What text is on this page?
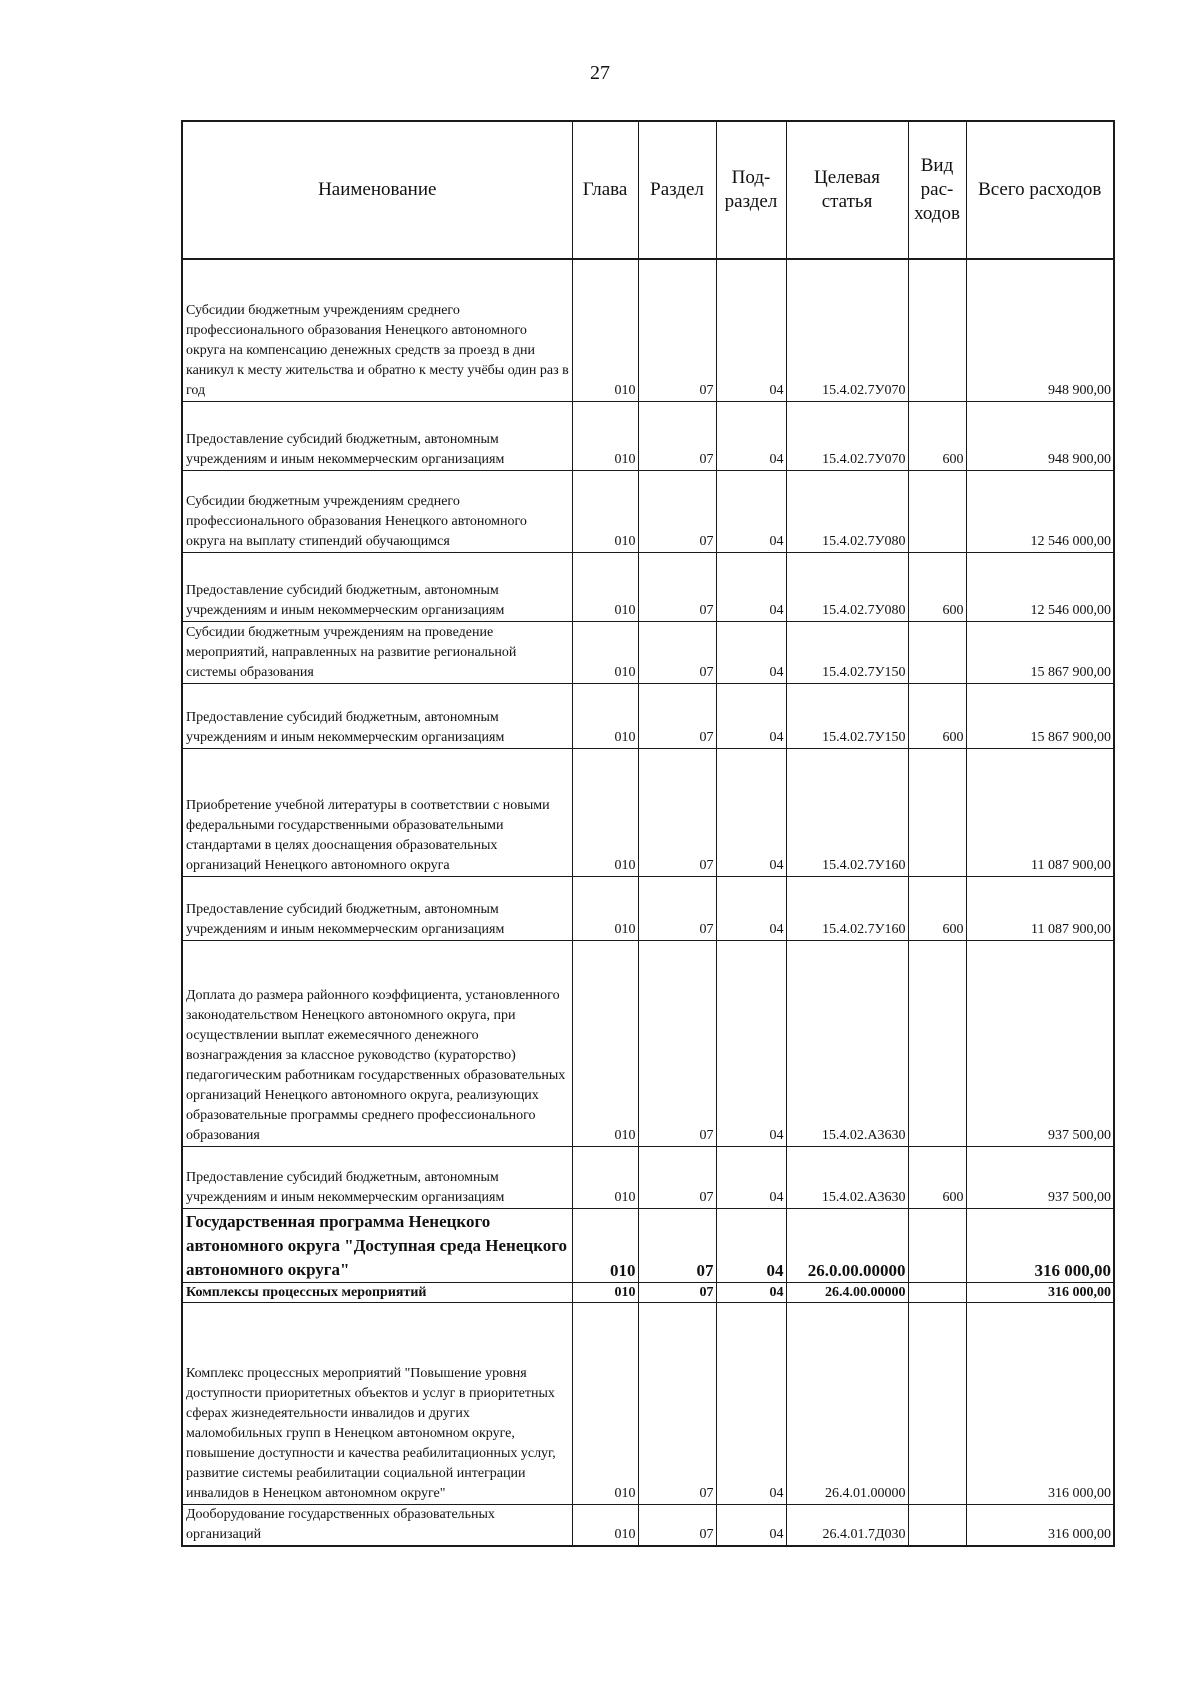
27
Наименование	Глава	Раздел	Под-раздел	Целевая статья	Вид рас-ходов	Всего расходов
Субсидии бюджетным учреждениям среднего профессионального образования Ненецкого автономного округа на компенсацию денежных средств за проезд в дни каникул к месту жительства и обратно к месту учёбы один раз в год	010	07	04	15.4.02.7У070		948 900,00
Предоставление субсидий бюджетным, автономным учреждениям и иным некоммерческим организациям	010	07	04	15.4.02.7У070	600	948 900,00
Субсидии бюджетным учреждениям среднего профессионального образования Ненецкого автономного округа на выплату стипендий обучающимся	010	07	04	15.4.02.7У080		12 546 000,00
Предоставление субсидий бюджетным, автономным учреждениям и иным некоммерческим организациям	010	07	04	15.4.02.7У080	600	12 546 000,00
Субсидии бюджетным учреждениям на проведение мероприятий, направленных на развитие региональной системы образования	010	07	04	15.4.02.7У150		15 867 900,00
Предоставление субсидий бюджетным, автономным учреждениям и иным некоммерческим организациям	010	07	04	15.4.02.7У150	600	15 867 900,00
Приобретение учебной литературы в соответствии с новыми федеральными государственными образовательными стандартами в целях дооснащения образовательных организаций Ненецкого автономного округа	010	07	04	15.4.02.7У160		11 087 900,00
Предоставление субсидий бюджетным, автономным учреждениям и иным некоммерческим организациям	010	07	04	15.4.02.7У160	600	11 087 900,00
Доплата до размера районного коэффициента, установленного законодательством Ненецкого автономного округа, при осуществлении выплат ежемесячного денежного вознаграждения за классное руководство (кураторство) педагогическим работникам государственных образовательных организаций Ненецкого автономного округа, реализующих образовательные программы среднего профессионального образования	010	07	04	15.4.02.А3630		937 500,00
Предоставление субсидий бюджетным, автономным учреждениям и иным некоммерческим организациям	010	07	04	15.4.02.А3630	600	937 500,00
Государственная программа Ненецкого автономного округа "Доступная среда Ненецкого автономного округа"	010	07	04	26.0.00.00000		316 000,00
Комплексы процессных мероприятий	010	07	04	26.4.00.00000		316 000,00
Комплекс процессных мероприятий "Повышение уровня доступности приоритетных объектов и услуг в приоритетных сферах жизнедеятельности инвалидов и других маломобильных групп в Ненецком автономном округе, повышение доступности и качества реабилитационных услуг, развитие системы реабилитации социальной интеграции инвалидов в Ненецком автономном округе"	010	07	04	26.4.01.00000		316 000,00
Дооборудование государственных образовательных организаций	010	07	04	26.4.01.7Д030		316 000,00
